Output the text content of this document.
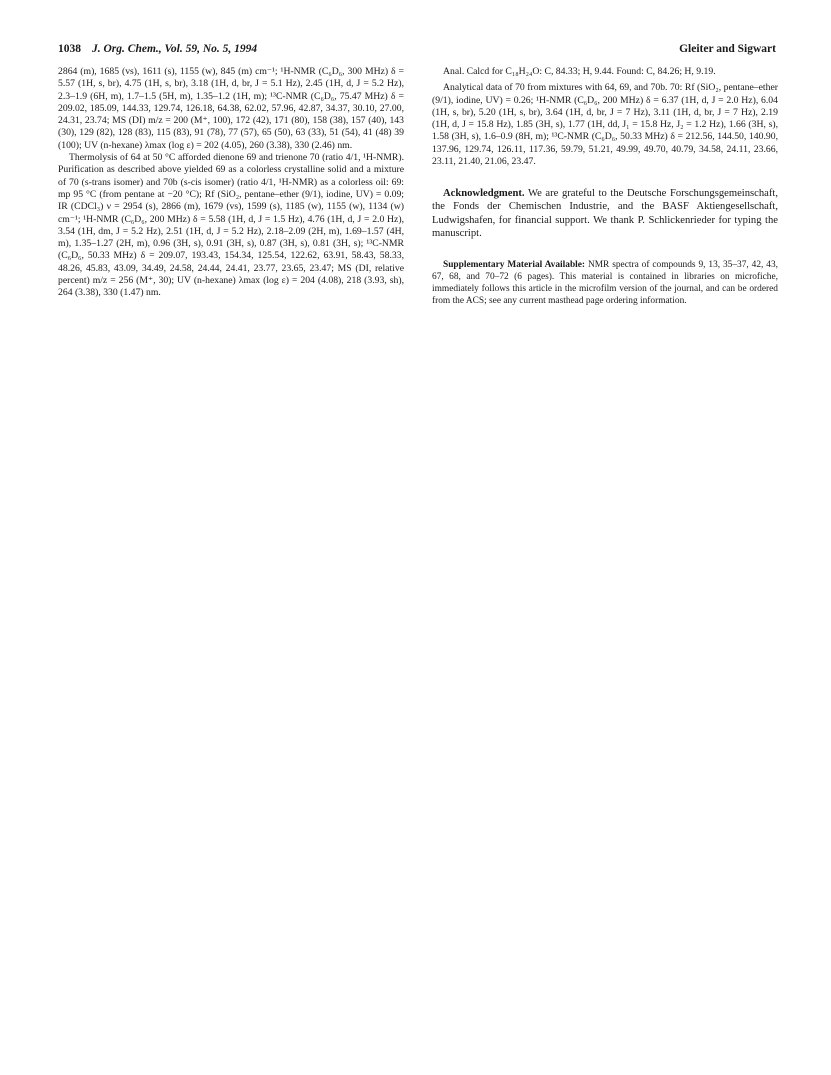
1038 J. Org. Chem., Vol. 59, No. 5, 1994	Gleiter and Sigwart

2864 (m), 1685 (vs), 1611 (s), 1155 (w), 845 (m) cm⁻¹; ¹H-NMR (C₆D₆, 300 MHz) δ = 5.57 (1H, s, br), 4.75 (1H, s, br), 3.18 (1H, d, br, J = 5.1 Hz), 2.45 (1H, d, J = 5.2 Hz), 2.3–1.9 (6H, m), 1.7–1.5 (5H, m), 1.35–1.2 (1H, m); ¹³C-NMR (C₆D₆, 75.47 MHz) δ = 209.02, 185.09, 144.33, 129.74, 126.18, 64.38, 62.02, 57.96, 42.87, 34.37, 30.10, 27.00, 24.31, 23.74; MS (DI) m/z = 200 (M⁺, 100), 172 (42), 171 (80), 158 (38), 157 (40), 143 (30), 129 (82), 128 (83), 115 (83), 91 (78), 77 (57), 65 (50), 63 (33), 51 (54), 41 (48) 39 (100); UV (n-hexane) λmax (log ε) = 202 (4.05), 260 (3.38), 330 (2.46) nm.

Thermolysis of 64 at 50 °C afforded dienone 69 and trienone 70 (ratio 4/1, ¹H-NMR). Purification as described above yielded 69 as a colorless crystalline solid and a mixture of 70 (s-trans isomer) and 70b (s-cis isomer) (ratio 4/1, ¹H-NMR) as a colorless oil: 69: mp 95 °C (from pentane at −20 °C); Rf (SiO₂, pentane–ether (9/1), iodine, UV) = 0.09; IR (CDCl₃) ν = 2954 (s), 2866 (m), 1679 (vs), 1599 (s), 1185 (w), 1155 (w), 1134 (w) cm⁻¹; ¹H-NMR (C₆D₆, 200 MHz) δ = 5.58 (1H, d, J = 1.5 Hz), 4.76 (1H, d, J = 2.0 Hz), 3.54 (1H, dm, J = 5.2 Hz), 2.51 (1H, d, J = 5.2 Hz), 2.18–2.09 (2H, m), 1.69–1.57 (4H, m), 1.35–1.27 (2H, m), 0.96 (3H, s), 0.91 (3H, s), 0.87 (3H, s), 0.81 (3H, s); ¹³C-NMR (C₆D₆, 50.33 MHz) δ = 209.07, 193.43, 154.34, 125.54, 122.62, 63.91, 58.43, 58.33, 48.26, 45.83, 43.09, 34.49, 24.58, 24.44, 24.41, 23.77, 23.65, 23.47; MS (DI, relative percent) m/z = 256 (M⁺, 30); UV (n-hexane) λmax (log ε) = 204 (4.08), 218 (3.93, sh), 264 (3.38), 330 (1.47) nm.

Anal. Calcd for C₁₈H₂₄O: C, 84.33; H, 9.44. Found: C, 84.26; H, 9.19.

Analytical data of 70 from mixtures with 64, 69, and 70b. 70: Rf (SiO₂, pentane–ether (9/1), iodine, UV) = 0.26; ¹H-NMR (C₆D₆, 200 MHz) δ = 6.37 (1H, d, J = 2.0 Hz), 6.04 (1H, s, br), 5.20 (1H, s, br), 3.64 (1H, d, br, J = 7 Hz), 3.11 (1H, d, br, J = 7 Hz), 2.19 (1H, d, J = 15.8 Hz), 1.85 (3H, s), 1.77 (1H, dd, J₁ = 15.8 Hz, J₂ = 1.2 Hz), 1.66 (3H, s), 1.58 (3H, s), 1.6–0.9 (8H, m); ¹³C-NMR (C₆D₆, 50.33 MHz) δ = 212.56, 144.50, 140.90, 137.96, 129.74, 126.11, 117.36, 59.79, 51.21, 49.99, 49.70, 40.79, 34.58, 24.11, 23.66, 23.11, 21.40, 21.06, 23.47.

Acknowledgment. We are grateful to the Deutsche Forschungsgemeinschaft, the Fonds der Chemischen Industrie, and the BASF Aktiengesellschaft, Ludwigshafen, for financial support. We thank P. Schlickenrieder for typing the manuscript.

Supplementary Material Available: NMR spectra of compounds 9, 13, 35–37, 42, 43, 67, 68, and 70–72 (6 pages). This material is contained in libraries on microfiche, immediately follows this article in the microfilm version of the journal, and can be ordered from the ACS; see any current masthead page ordering information.
